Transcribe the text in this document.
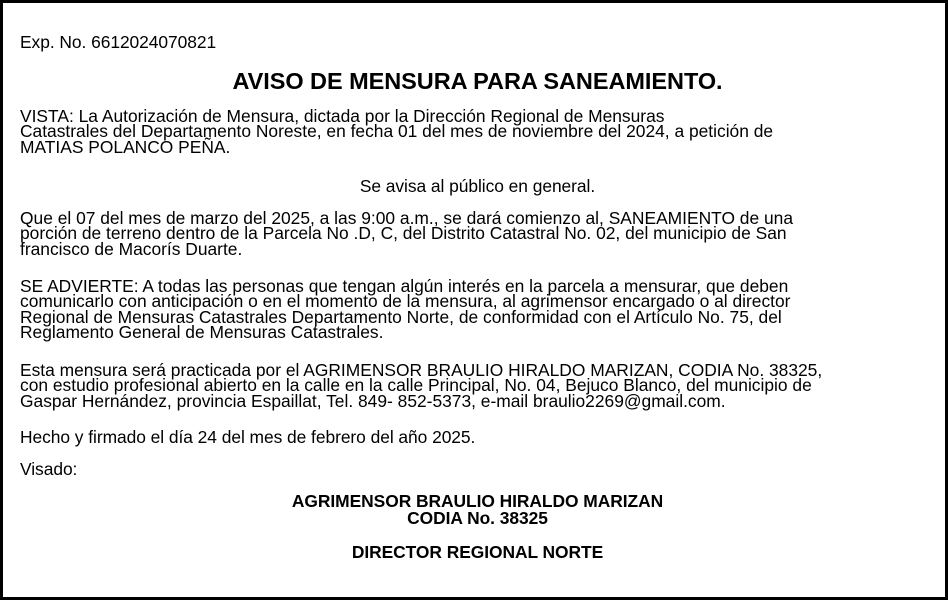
Exp. No. 6612024070821
AVISO DE MENSURA PARA SANEAMIENTO.
VISTA: La Autorización de Mensura, dictada por la Dirección Regional de Mensuras
Catastrales del Departamento Noreste, en fecha 01 del mes de noviembre del 2024, a petición de
MATIAS POLANCO PEÑA.
Se avisa al público en general.
Que el 07 del mes de marzo del 2025, a las 9:00 a.m., se dará comienzo al, SANEAMIENTO de una
porción de terreno dentro de la Parcela No .D, C, del Distrito Catastral No. 02, del municipio de San
francisco de Macorís Duarte.
SE ADVIERTE: A todas las personas que tengan algún interés en la parcela a mensurar, que deben
comunicarlo con anticipación o en el momento de la mensura, al agrimensor encargado o al director
Regional de Mensuras Catastrales Departamento Norte, de conformidad con el Artículo No. 75, del
Reglamento General de Mensuras Catastrales.
Esta mensura será practicada por el AGRIMENSOR BRAULIO HIRALDO MARIZAN, CODIA No. 38325,
con estudio profesional abierto en la calle en la calle Principal, No. 04, Bejuco Blanco, del municipio de
Gaspar Hernández, provincia Espaillat, Tel. 849- 852-5373, e-mail braulio2269@gmail.com.
Hecho y firmado el día 24 del mes de febrero del año 2025.
Visado:
AGRIMENSOR BRAULIO HIRALDO MARIZAN
CODIA No. 38325
DIRECTOR REGIONAL NORTE
